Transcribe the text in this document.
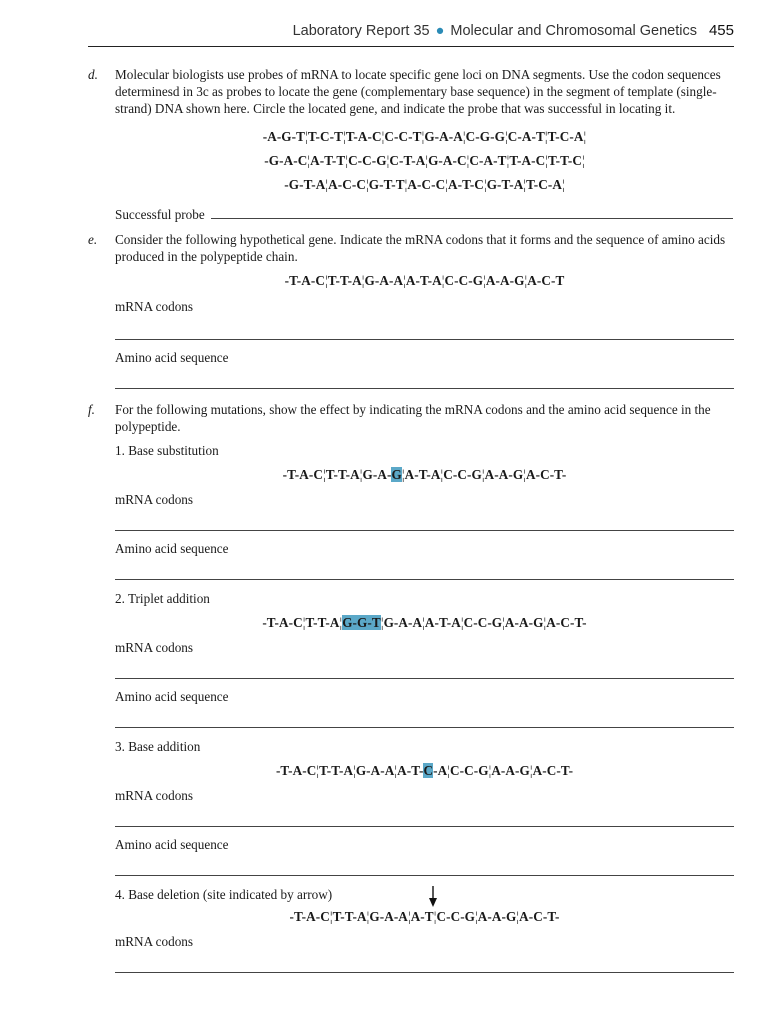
Laboratory Report 35 ● Molecular and Chromosomal Genetics 455
d. Molecular biologists use probes of mRNA to locate specific gene loci on DNA segments. Use the codon sequences determinesd in 3c as probes to locate the gene (complementary base sequence) in the segment of template (single-strand) DNA shown here. Circle the located gene, and indicate the probe that was successful in locating it.
-A-G-T¦T-C-T¦T-A-C¦C-C-T¦G-A-A¦C-G-G¦C-A-T¦T-C-A¦
-G-A-C¦A-T-T¦C-C-G¦C-T-A¦G-A-C¦C-A-T¦T-A-C¦T-T-C¦
-G-T-A¦A-C-C¦G-T-T¦A-C-C¦A-T-C¦G-T-A¦T-C-A¦
Successful probe
e. Consider the following hypothetical gene. Indicate the mRNA codons that it forms and the sequence of amino acids produced in the polypeptide chain.
-T-A-C¦T-T-A¦G-A-A¦A-T-A¦C-C-G¦A-A-G¦A-C-T
mRNA codons
Amino acid sequence
f. For the following mutations, show the effect by indicating the mRNA codons and the amino acid sequence in the polypeptide.
1. Base substitution
-T-A-C¦T-T-A¦G-A-G¦A-T-A¦C-C-G¦A-A-G¦A-C-T-
mRNA codons
Amino acid sequence
2. Triplet addition
-T-A-C¦T-T-A¦G-G-T¦G-A-A¦A-T-A¦C-C-G¦A-A-G¦A-C-T-
mRNA codons
Amino acid sequence
3. Base addition
-T-A-C¦T-T-A¦G-A-A¦A-T-C-A¦C-C-G¦A-A-G¦A-C-T-
mRNA codons
Amino acid sequence
4. Base deletion (site indicated by arrow)
-T-A-C¦T-T-A¦G-A-A¦A-T¦C-C-G¦A-A-G¦A-C-T-
mRNA codons
